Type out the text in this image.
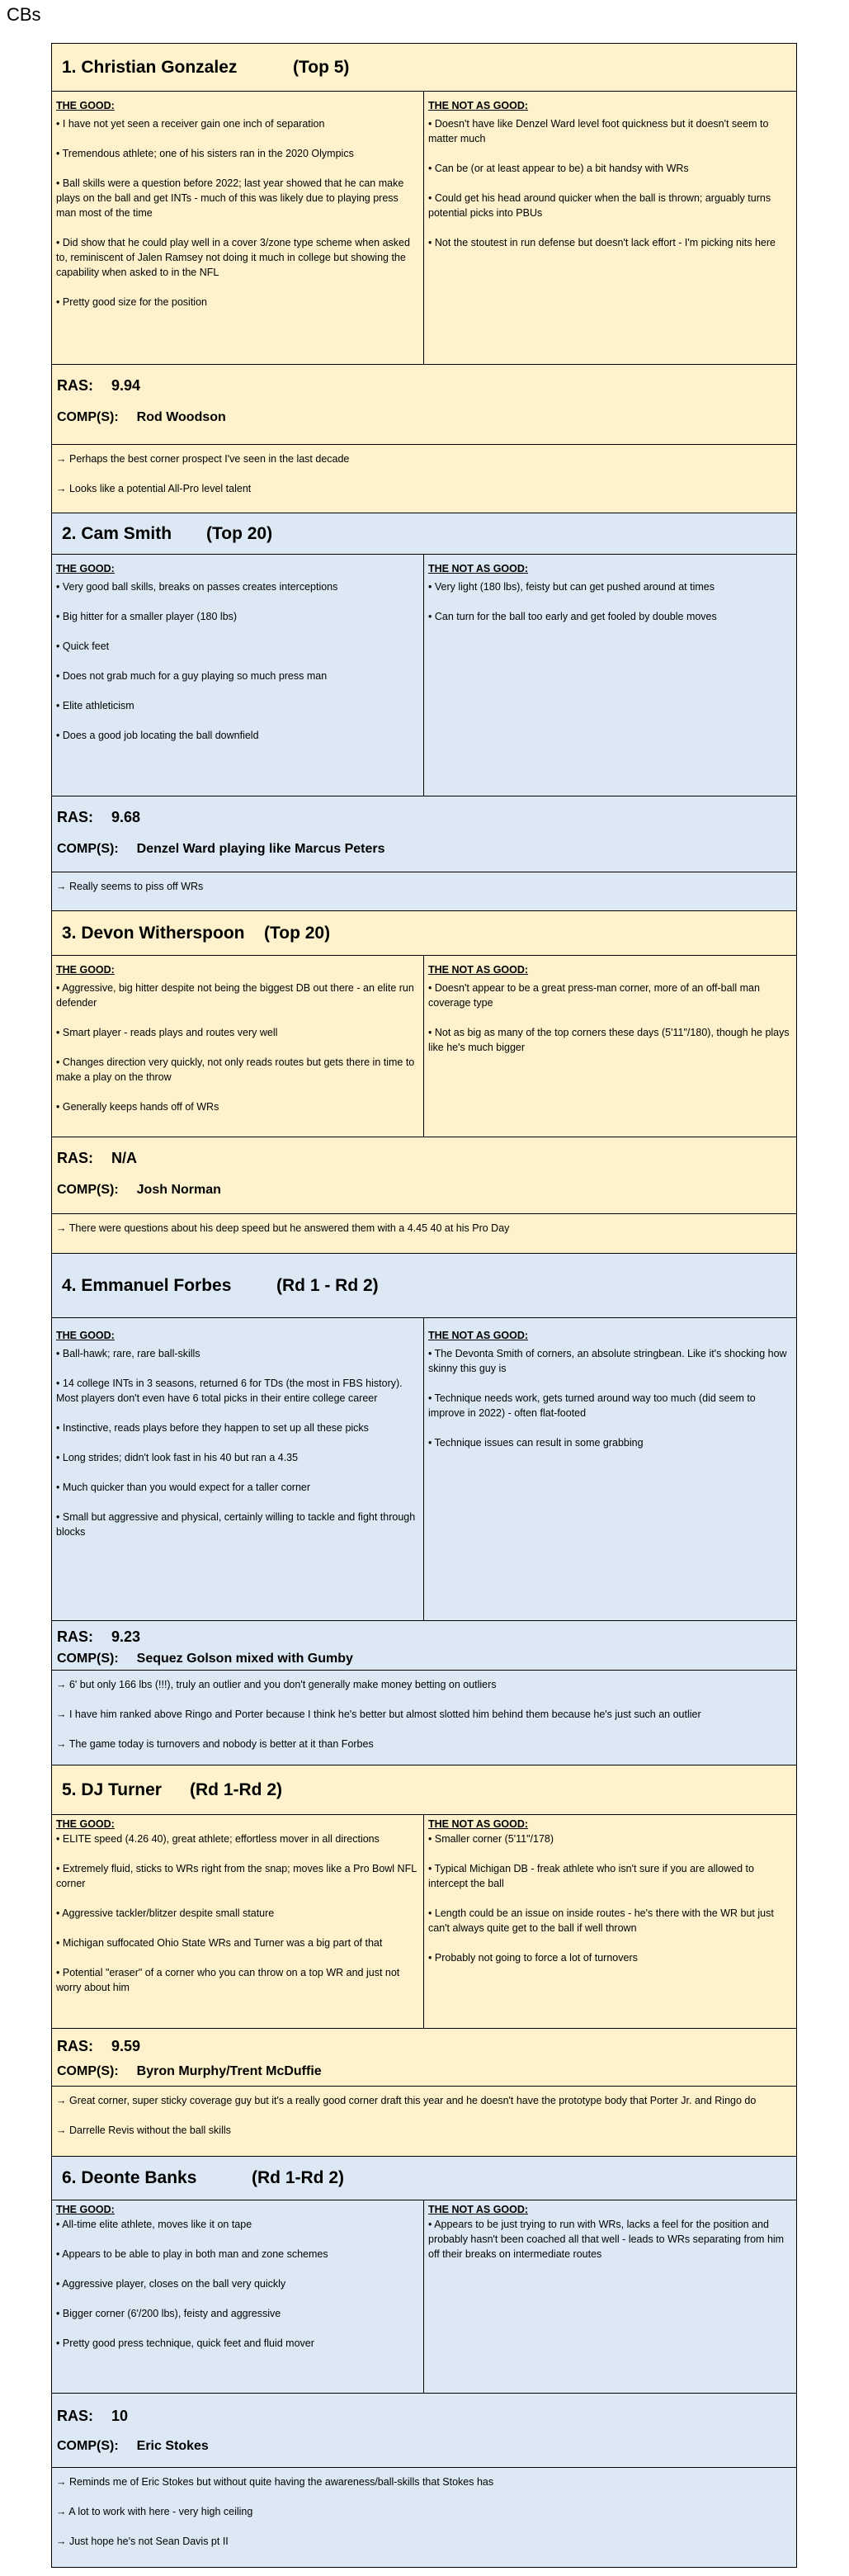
CBs
1. Christian Gonzalez	(Top 5)
THE GOOD:
• I have not yet seen a receiver gain one inch of separation
• Tremendous athlete; one of his sisters ran in the 2020 Olympics
• Ball skills were a question before 2022; last year showed that he can make plays on the ball and get INTs - much of this was likely due to playing press man most of the time
• Did show that he could play well in a cover 3/zone type scheme when asked to, reminiscent of Jalen Ramsey not doing it much in college but showing the capability when asked to in the NFL
• Pretty good size for the position
THE NOT AS GOOD:
• Doesn't have like Denzel Ward level foot quickness but it doesn't seem to matter much
• Can be (or at least appear to be) a bit handsy with WRs
• Could get his head around quicker when the ball is thrown; arguably turns potential picks into PBUs
• Not the stoutest in run defense but doesn't lack effort - I'm picking nits here
RAS: 9.94
COMP(S): Rod Woodson
→ Perhaps the best corner prospect I've seen in the last decade
→ Looks like a potential All-Pro level talent
2. Cam Smith	(Top 20)
THE GOOD:
• Very good ball skills, breaks on passes creates interceptions
• Big hitter for a smaller player (180 lbs)
• Quick feet
• Does not grab much for a guy playing so much press man
• Elite athleticism
• Does a good job locating the ball downfield
THE NOT AS GOOD:
• Very light (180 lbs), feisty but can get pushed around at times
• Can turn for the ball too early and get fooled by double moves
RAS: 9.68
COMP(S): Denzel Ward playing like Marcus Peters
→ Really seems to piss off WRs
3. Devon Witherspoon	(Top 20)
THE GOOD:
• Aggressive, big hitter despite not being the biggest DB out there - an elite run defender
• Smart player - reads plays and routes very well
• Changes direction very quickly, not only reads routes but gets there in time to make a play on the throw
• Generally keeps hands off of WRs
THE NOT AS GOOD:
• Doesn't appear to be a great press-man corner, more of an off-ball man coverage type
• Not as big as many of the top corners these days (5'11"/180), though he plays like he's much bigger
RAS: N/A
COMP(S): Josh Norman
→ There were questions about his deep speed but he answered them with a 4.45 40 at his Pro Day
4. Emmanuel Forbes	(Rd 1 - Rd 2)
THE GOOD:
• Ball-hawk; rare, rare ball-skills
• 14 college INTs in 3 seasons, returned 6 for TDs (the most in FBS history). Most players don't even have 6 total picks in their entire college career
• Instinctive, reads plays before they happen to set up all these picks
• Long strides; didn't look fast in his 40 but ran a 4.35
• Much quicker than you would expect for a taller corner
• Small but aggressive and physical, certainly willing to tackle and fight through blocks
THE NOT AS GOOD:
• The Devonta Smith of corners, an absolute stringbean. Like it's shocking how skinny this guy is
• Technique needs work, gets turned around way too much (did seem to improve in 2022) - often flat-footed
• Technique issues can result in some grabbing
RAS: 9.23
COMP(S): Sequez Golson mixed with Gumby
→ 6' but only 166 lbs (!!!), truly an outlier and you don't generally make money betting on outliers
→ I have him ranked above Ringo and Porter because I think he's better but almost slotted him behind them because he's just such an outlier
→ The game today is turnovers and nobody is better at it than Forbes
5. DJ Turner	(Rd 1-Rd 2)
THE GOOD:
• ELITE speed (4.26 40), great athlete; effortless mover in all directions
• Extremely fluid, sticks to WRs right from the snap; moves like a Pro Bowl NFL corner
• Aggressive tackler/blitzer despite small stature
• Michigan suffocated Ohio State WRs and Turner was a big part of that
• Potential "eraser" of a corner who you can throw on a top WR and just not worry about him
THE NOT AS GOOD:
• Smaller corner (5'11"/178)
• Typical Michigan DB - freak athlete who isn't sure if you are allowed to intercept the ball
• Length could be an issue on inside routes - he's there with the WR but just can't always quite get to the ball if well thrown
• Probably not going to force a lot of turnovers
RAS: 9.59
COMP(S): Byron Murphy/Trent McDuffie
→ Great corner, super sticky coverage guy but it's a really good corner draft this year and he doesn't have the prototype body that Porter Jr. and Ringo do
→ Darrelle Revis without the ball skills
6. Deonte Banks	(Rd 1-Rd 2)
THE GOOD:
• All-time elite athlete, moves like it on tape
• Appears to be able to play in both man and zone schemes
• Aggressive player, closes on the ball very quickly
• Bigger corner (6'/200 lbs), feisty and aggressive
• Pretty good press technique, quick feet and fluid mover
THE NOT AS GOOD:
• Appears to be just trying to run with WRs, lacks a feel for the position and probably hasn't been coached all that well - leads to WRs separating from him off their breaks on intermediate routes
RAS: 10
COMP(S): Eric Stokes
→ Reminds me of Eric Stokes but without quite having the awareness/ball-skills that Stokes has
→ A lot to work with here - very high ceiling
→ Just hope he's not Sean Davis pt II
